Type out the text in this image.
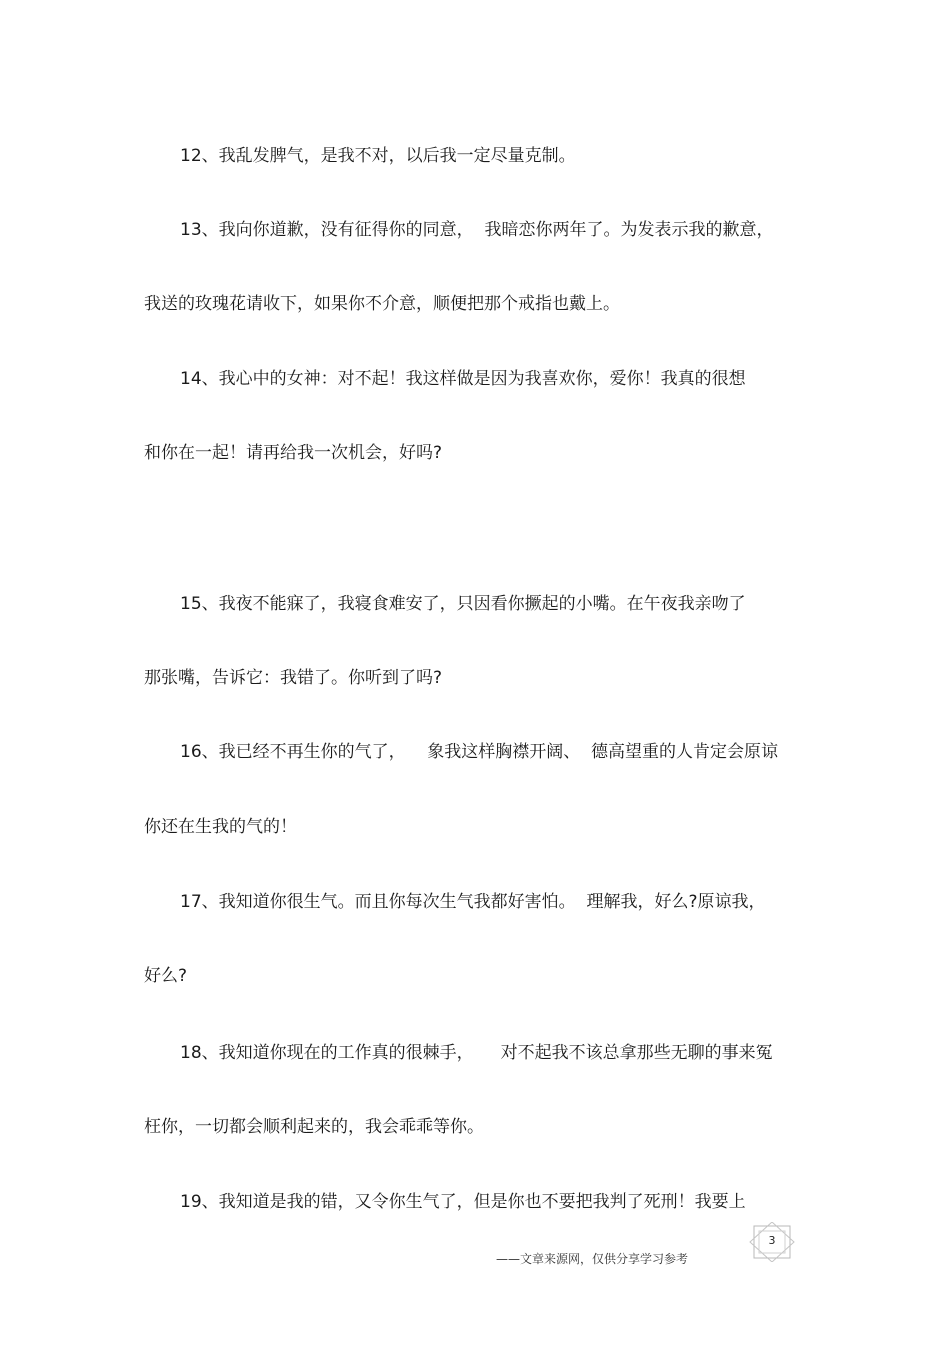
12、我乱发脾气，是我不对，以后我一定尽量克制。

13、我向你道歉，没有征得你的同意，  我暗恋你两年了。为发表示我的歉意，

我送的玫瑰花请收下，如果你不介意，顺便把那个戒指也戴上。

14、我心中的女神：对不起！我这样做是因为我喜欢你，爱你！我真的很想

和你在一起！请再给我一次机会，好吗?

15、我夜不能寐了，我寝食难安了，只因看你撅起的小嘴。在午夜我亲吻了

那张嘴，告诉它：我错了。你听到了吗?

16、我已经不再生你的气了，    象我这样胸襟开阔、  德高望重的人肯定会原谅

你还在生我的气的！

17、我知道你很生气。而且你每次生气我都好害怕。  理解我，好么?原谅我，

好么?

18、我知道你现在的工作真的很棘手，     对不起我不该总拿那些无聊的事来冤

枉你，一切都会顺利起来的，我会乖乖等你。

19、我知道是我的错，又令你生气了，但是你也不要把我判了死刑！我要上

3
——文章来源网，仅供分享学习参考
